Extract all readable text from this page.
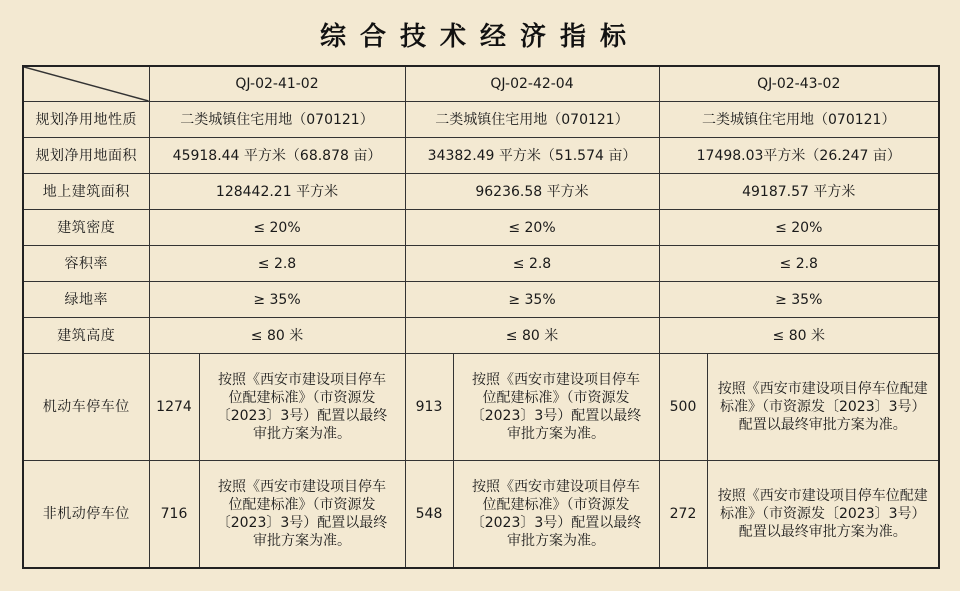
综合技术经济指标
	QJ-02-41-02		QJ-02-42-04		QJ-02-43-02	
规划净用地性质	二类城镇住宅用地（070121）		二类城镇住宅用地（070121）		二类城镇住宅用地（070121）	
规划净用地面积	45918.44 平方米（68.878 亩）		34382.49 平方米（51.574 亩）		17498.03平方米（26.247 亩）	
地上建筑面积	128442.21 平方米		96236.58 平方米		49187.57 平方米	
建筑密度	≤ 20%		≤ 20%		≤ 20%	
容积率	≤ 2.8		≤ 2.8		≤ 2.8	
绿地率	≥ 35%		≥ 35%		≥ 35%	
建筑高度	≤ 80 米		≤ 80 米		≤ 80 米	
机动车停车位	1274	按照《西安市建设项目停车位配建标准》（市资源发〔2023〕3号）配置以最终审批方案为准。	913	按照《西安市建设项目停车位配建标准》（市资源发〔2023〕3号）配置以最终审批方案为准。	500	按照《西安市建设项目停车位配建标准》（市资源发〔2023〕3号）配置以最终审批方案为准。
非机动停车位	716	按照《西安市建设项目停车位配建标准》（市资源发〔2023〕3号）配置以最终审批方案为准。	548	按照《西安市建设项目停车位配建标准》（市资源发〔2023〕3号）配置以最终审批方案为准。	272	按照《西安市建设项目停车位配建标准》（市资源发〔2023〕3号）配置以最终审批方案为准。
